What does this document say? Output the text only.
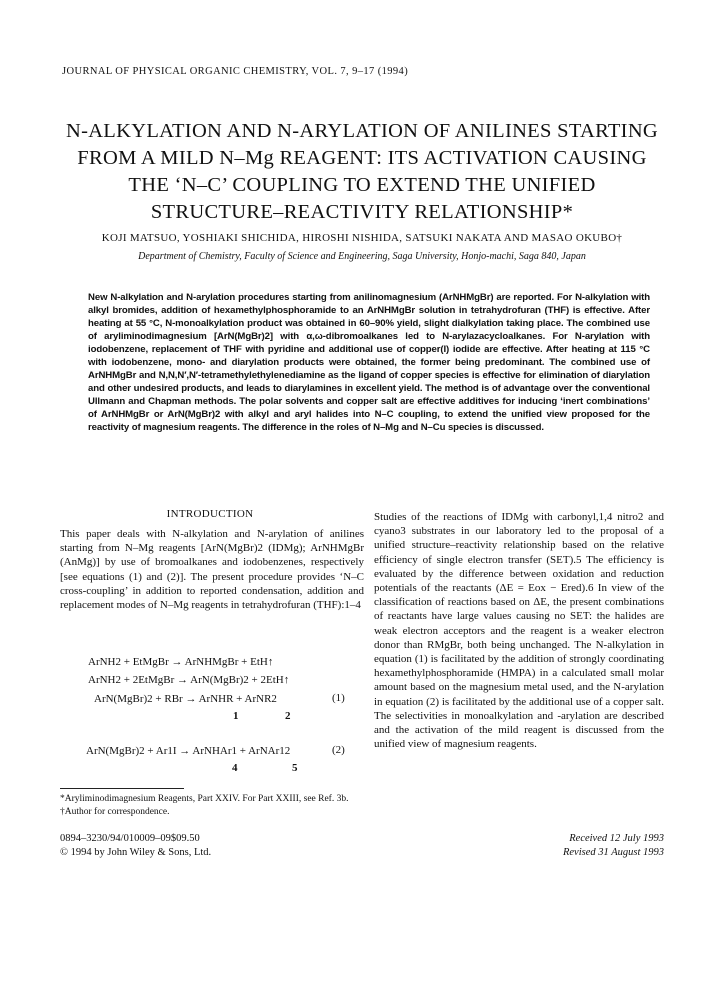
JOURNAL OF PHYSICAL ORGANIC CHEMISTRY, VOL. 7, 9–17 (1994)
N-ALKYLATION AND N-ARYLATION OF ANILINES STARTING
FROM A MILD N–Mg REAGENT: ITS ACTIVATION CAUSING
THE ‘N–C’ COUPLING TO EXTEND THE UNIFIED
STRUCTURE–REACTIVITY RELATIONSHIP*
KOJI MATSUO, YOSHIAKI SHICHIDA, HIROSHI NISHIDA, SATSUKI NAKATA AND MASAO OKUBO†
Department of Chemistry, Faculty of Science and Engineering, Saga University, Honjo-machi, Saga 840, Japan
New N-alkylation and N-arylation procedures starting from anilinomagnesium (ArNHMgBr) are reported. For N-alkylation with alkyl bromides, addition of hexamethylphosphoramide to an ArNHMgBr solution in tetrahydrofuran (THF) is effective. After heating at 55 °C, N-monoalkylation product was obtained in 60–90% yield, slight dialkylation taking place. The combined use of aryliminodimagnesium [ArN(MgBr)2] with α,ω-dibromoalkanes led to N-arylazacycloalkanes. For N-arylation with iodobenzene, replacement of THF with pyridine and additional use of copper(I) iodide are effective. After heating at 115 °C with iodobenzene, mono- and diarylation products were obtained, the former being predominant. The combined use of ArNHMgBr and N,N,N′,N′-tetramethylethylenediamine as the ligand of copper species is effective for elimination of diarylation and other undesired products, and leads to diarylamines in excellent yield. The method is of advantage over the conventional Ullmann and Chapman methods. The polar solvents and copper salt are effective additives for inducing ‘inert combinations’ of ArNHMgBr or ArN(MgBr)2 with alkyl and aryl halides into N–C coupling, to extend the unified view proposed for the reactivity of magnesium reagents. The difference in the roles of N–Mg and N–Cu species is discussed.
INTRODUCTION
This paper deals with N-alkylation and N-arylation of anilines starting from N–Mg reagents [ArN(MgBr)2 (IDMg); ArNHMgBr (AnMg)] by use of bromoalkanes and iodobenzenes, respectively [see equations (1) and (2)]. The present procedure provides ‘N–C cross-coupling’ in addition to reported condensation, addition and replacement modes of N–Mg reagents in tetrahydrofuran (THF):1–4
ArNH2 + EtMgBr → ArNHMgBr + EtH↑
ArNH2 + 2EtMgBr → ArN(MgBr)2 + 2EtH↑
ArN(MgBr)2 + RBr → ArNHR + ArNR2	(1)
1	2
ArN(MgBr)2 + Ar1I → ArNHAr1 + ArNAr12	(2)
4	5
Studies of the reactions of IDMg with carbonyl,1,4 nitro2 and cyano3 substrates in our laboratory led to the proposal of a unified structure–reactivity relationship based on the relative efficiency of single electron transfer (SET).5 The efficiency is evaluated by the difference between oxidation and reduction potentials of the reactants (ΔE = Eox − Ered).6 In view of the classification of reactions based on ΔE, the present combinations of reactants have large values causing no SET: the halides are weak electron acceptors and the reagent is a weaker electron donor than RMgBr, both being unchanged. The N-alkylation in equation (1) is facilitated by the addition of strongly coordinating hexamethylphosphoramide (HMPA) in a calculated small molar amount based on the magnesium metal used, and the N-arylation in equation (2) is facilitated by the additional use of a copper salt. The selectivities in monoalkylation and -arylation are described and the activation of the mild reagent is discussed from the unified view of magnesium reagents.
*Aryliminodimagnesium Reagents, Part XXIV. For Part XXIII, see Ref. 3b.
†Author for correspondence.
0894–3230/94/010009–09$09.50
© 1994 by John Wiley & Sons, Ltd.
Received 12 July 1993
Revised 31 August 1993
